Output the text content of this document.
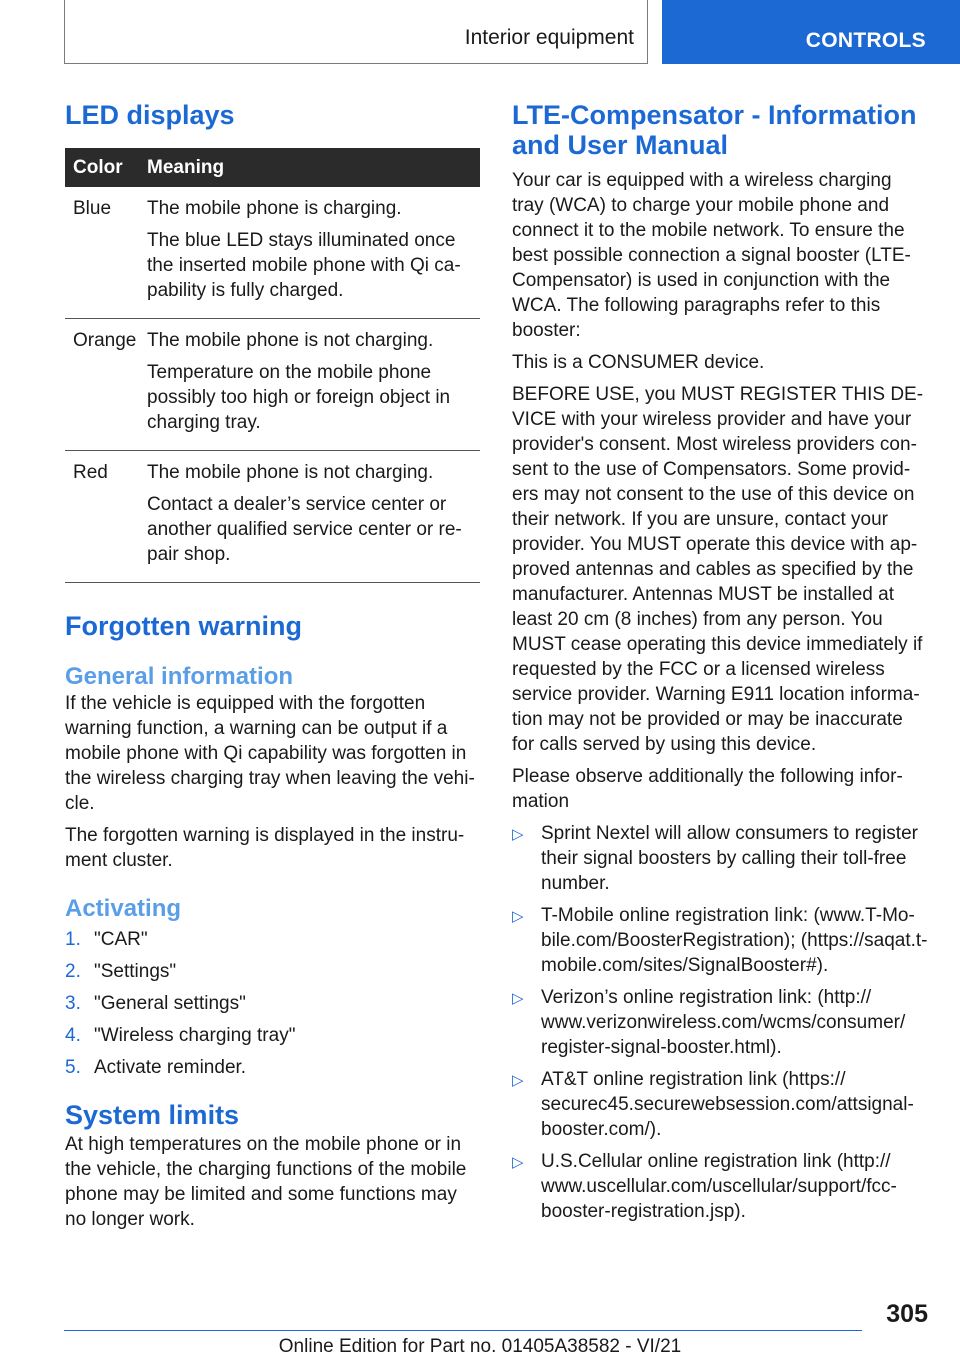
Interior equipment	CONTROLS
LED displays
Color	Meaning
Blue	The mobile phone is charging.

The blue LED stays illuminated once the inserted mobile phone with Qi capability is fully charged.

Orange	The mobile phone is not charging.

Temperature on the mobile phone possibly too high or foreign object in charging tray.

Red	The mobile phone is not charging.

Contact a dealer’s service center or another qualified service center or repair shop.

Forgotten warning
General information

If the vehicle is equipped with the forgotten warning function, a warning can be output if a mobile phone with Qi capability was forgotten in the wireless charging tray when leaving the vehicle.

The forgotten warning is displayed in the instrument cluster.

Activating
1. "CAR"
2. "Settings"
3. "General settings"
4. "Wireless charging tray"
5. Activate reminder.
System limits

At high temperatures on the mobile phone or in the vehicle, the charging functions of the mobile phone may be limited and some functions may no longer work.

LTE-Compensator - Information and User Manual

Your car is equipped with a wireless charging tray (WCA) to charge your mobile phone and connect it to the mobile network. To ensure the best possible connection a signal booster (LTE-Compensator) is used in conjunction with the WCA. The following paragraphs refer to this booster:

This is a CONSUMER device.

BEFORE USE, you MUST REGISTER THIS DEVICE with your wireless provider and have your provider's consent. Most wireless providers consent to the use of Compensators. Some providers may not consent to the use of this device on their network. If you are unsure, contact your provider. You MUST operate this device with approved antennas and cables as specified by the manufacturer. Antennas MUST be installed at least 20 cm (8 inches) from any person. You MUST cease operating this device immediately if requested by the FCC or a licensed wireless service provider. Warning E911 location information may not be provided or may be inaccurate for calls served by using this device.

Please observe additionally the following information

▷ Sprint Nextel will allow consumers to register their signal boosters by calling their toll-free number.
▷ T-Mobile online registration link: (www.T-Mobile.com/BoosterRegistration); (https://saqat.t-mobile.com/sites/SignalBooster#).
▷ Verizon’s online registration link: (http://​www.verizonwireless.com/wcms/consumer/​register-signal-booster.html).
▷ AT&T online registration link (https://​securec45.securewebsession.com/attsignal-booster.com/).
▷ U.S.Cellular online registration link (http://​www.uscellular.com/uscellular/support/fcc-booster-registration.jsp).
305
Online Edition for Part no. 01405A38582 - VI/21
